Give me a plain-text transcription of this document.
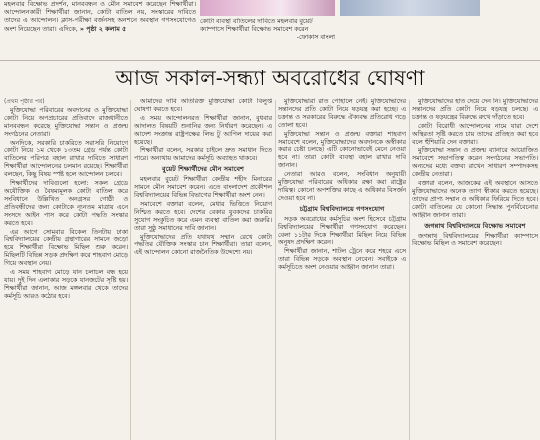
মহলবার বিক্ষোভ প্রদর্শন, মানববন্ধন ও মৌন সমাবেশ করেছেন শিক্ষার্থীরা। আন্দোলনকারী শিক্ষার্থীরা জানান, কোটা বাতিল নয়, সংস্কারের দাবিতে তাদের এ আন্দোলন। ক্লাস-পরীক্ষা বর্জনসহ অনশনে অবস্থান গণসংযোগেও অংশ নিয়েছেন তারা। এদিকে, » পৃষ্ঠা ২ কলাম ৫
কোটা ব্যবস্থা বাতিলের দাবিতে মহলবার বুয়েট ক্যাম্পাসে শিক্ষার্থীরা বিক্ষোভ সমাবেশ করেন
-ফোকাস বাংলা
আজ সকাল-সন্ধ্যা অবরোধের ঘোষণা

(প্রথম পৃষ্ঠার পর)

মুক্তিযোদ্ধা পরিবারের অবদানের ও মুক্তিযোদ্ধা কোটা নিয়ে অপপ্রচারের প্রতিবাদে রাজধানীতে মানববন্ধন করেছে মুক্তিযোদ্ধা সন্তান ও প্রজন্ম সংগঠনের নেতারা।

অনদিকে, সরকারি চাকরিতে সরাসরি নিয়োগে কোটা নিয়ে ১ম থেকে ১৩তম গ্রেড পর্যন্ত কোটা বাতিলের পরিপত্র বহাল রাখার দাবিতে সাধারণ শিক্ষার্থীরা আন্দোলনের চলমান রয়েছে। শিক্ষার্থীরা বলছেন, কিছু বিষয় স্পষ্ট হলে আন্দোলন চলবে।

শিক্ষার্থীদের দাবিগুলো হলো: সকল গ্রেডে অযৌক্তিক ও বৈষম্যমূলক কোটা বাতিল করে সংবিধানে উল্লিখিত অনগ্রসর গোষ্ঠী ও প্রতিবন্ধীদের জন্য কোটাকে ন্যূনতম মাত্রায় এনে সংসদে আইন পাস করে কোটা পদ্ধতি সংস্কার করতে হবে।

এর আগে সোমবার বিকেল তিনটায় ঢাকা বিশ্ববিদ্যালয়ের কেন্দ্রীয় গ্রন্থাগারের সামনে জড়ো হয়ে শিক্ষার্থীরা বিক্ষোভ মিছিল শুরু করেন। মিছিলটি বিভিন্ন সড়ক প্রদক্ষিণ করে শাহবাগ মোড়ে গিয়ে অবস্থান নেয়।

এ সময় শাহবাগ মোড়ে যান চলাচল বন্ধ হয়ে যায়। দুই দিন এলাকার সড়কে যানজটের সৃষ্টি হয়। শিক্ষার্থীরা জানান, আজ মঙ্গলবার থেকে তাদের কর্মসূচি আরও কঠোর হবে।

আমাদের দাবি অতিরিক্ত মুক্তিযোদ্ধা কোটা বিলুপ্ত ঘোষণা করতে হবে।

এ সময় আন্দোলনরত শিক্ষার্থীরা জানান, বুধবার আদালত বিষয়টি শুনানির জন্য নির্ধারণ করেছেন। এ আদেশ সংক্রান্ত রাষ্ট্রপক্ষের লিভ টু আপিল দায়ের করা হয়েছে।

শিক্ষার্থীরা বলেন, সরকার চাইলে দ্রুত সমাধান দিতে পারে। অন্যথায় আমাদের কর্মসূচি অব্যাহত থাকবে।

বুয়েট শিক্ষার্থীদের মৌন সমাবেশ

মহলবার বুয়েট শিক্ষার্থীরা কেন্দ্রীয় শহীদ মিনারের সামনে মৌন সমাবেশ করেন। এতে বাংলাদেশ প্রকৌশল বিশ্ববিদ্যালয়ের বিভিন্ন বিভাগের শিক্ষার্থীরা অংশ নেন।

সমাবেশে বক্তারা বলেন, মেধার ভিত্তিতে নিয়োগ নিশ্চিত করতে হবে। দেশের বেকার যুবকদের চাকরির সুযোগ সংকুচিত করে এমন ব্যবস্থা বাতিল করা জরুরি। তারা সুষ্ঠু সমাধানের দাবি জানান।

মুক্তিযোদ্ধাদের প্রতি যথাযথ সম্মান রেখে কোটা পদ্ধতির যৌক্তিক সংস্কার চান শিক্ষার্থীরা। তারা বলেন, এই আন্দোলন কোনো রাজনৈতিক উদ্দেশ্যে নয়।

মুক্তিযোদ্ধারা রাত পোহালে নেই। মুক্তিযোদ্ধাদের সন্তানদের প্রতি কোটা নিয়ে ষড়যন্ত্র করা হচ্ছে। এ চক্রান্ত ও সরকারের বিরুদ্ধে ঐক্যবদ্ধ প্রতিরোধ গড়ে তোলা হবে।

মুক্তিযোদ্ধা সন্তান ও প্রজন্ম বক্তারা শাহবাগ সমাবেশে বলেন, মুক্তিযোদ্ধাদের অবদানকে অস্বীকার করার চেষ্টা চলছে। এটি কোনোভাবেই মেনে নেওয়া হবে না। তারা কোটা ব্যবস্থা বহাল রাখার দাবি জানান।

নেতারা আরও বলেন, সংবিধান অনুযায়ী মুক্তিযোদ্ধা পরিবারের অধিকার রক্ষা করা রাষ্ট্রের দায়িত্ব। কোনো অপশক্তির কাছে এ অধিকার বিসর্জন দেওয়া হবে না।

চট্টগ্রাম বিশ্ববিদ্যালয়ে গণসংযোগ

সড়ক অবরোধের কর্মসূচির অংশ হিসেবে চট্টগ্রাম বিশ্ববিদ্যালয়ের শিক্ষার্থীরা গণসংযোগ করেছেন। বেলা ১১টার দিকে শিক্ষার্থীরা মিছিল নিয়ে বিভিন্ন অনুষদ প্রদক্ষিণ করেন।

শিক্ষার্থীরা জানান, শাটল ট্রেনে করে শহরে এসে তারা বিভিন্ন সড়কে অবস্থান নেবেন। সবাইকে এ কর্মসূচিতে অংশ নেওয়ার আহ্বান জানান তারা।

মুক্তিযোদ্ধাদের হাত দেয়ে দেন নি। মুক্তিযোদ্ধাদের সন্তানদের প্রতি কোটা নিয়ে ষড়যন্ত্র চলছে। এ চক্রান্ত ও ষড়যন্ত্রের বিরুদ্ধে রুখে দাঁড়াতে হবে।

কোটা বিরোধী আন্দোলনের নামে যারা দেশে অস্থিরতা সৃষ্টি করতে চায় তাদের প্রতিহত করা হবে বলে হুঁশিয়ারি দেন বক্তারা।

মুক্তিযোদ্ধা সন্তান ও প্রজন্ম ব্যানারে আয়োজিত সমাবেশে সভাপতিত্ব করেন সংগঠনের সভাপতি। অন্যদের মধ্যে বক্তব্য রাখেন সাধারণ সম্পাদকসহ কেন্দ্রীয় নেতারা।

বক্তারা বলেন, আজকের এই অবস্থানে আসতে মুক্তিযোদ্ধাদের অনেক ত্যাগ স্বীকার করতে হয়েছে। তাদের প্রাপ্য সম্মান ও অধিকার ফিরিয়ে দিতে হবে। কোটা বাতিলের যে কোনো সিদ্ধান্ত পুনর্বিবেচনার আহ্বান জানান তারা।

জগন্নাথ বিশ্ববিদ্যালয়ে বিক্ষোভ সমাবেশ

জগন্নাথ বিশ্ববিদ্যালয়ের শিক্ষার্থীরা ক্যাম্পাসে বিক্ষোভ মিছিল ও সমাবেশ করেছেন।
